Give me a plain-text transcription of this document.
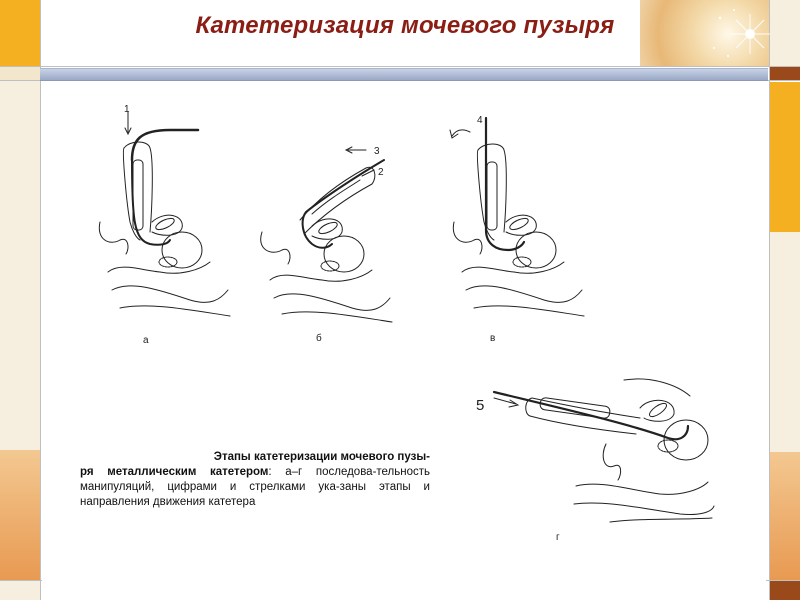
Катетеризация мочевого пузыря
1
2
3
4
5
а	б	в
г
Этапы катетеризации мочевого пузы-
ря металлическим катетером: а–г последова-тельность манипуляций, цифрами и стрелками ука-заны этапы и направления движения катетера
